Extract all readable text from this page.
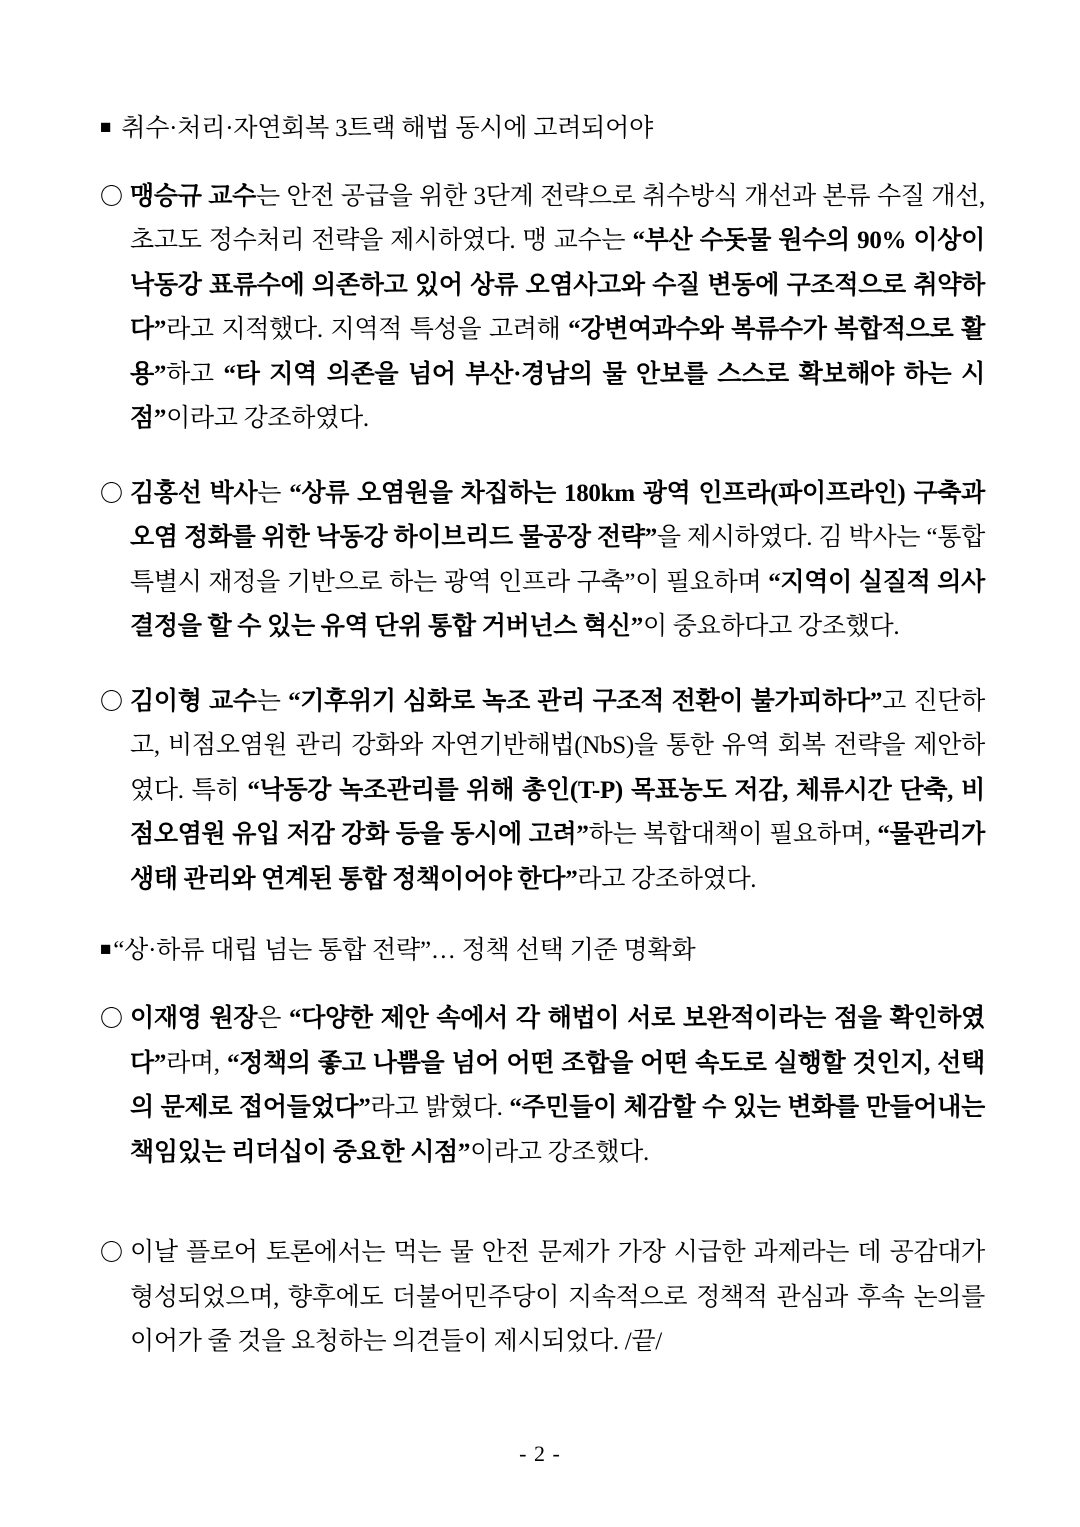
■ 취수·처리·자연회복 3트랙 해법 동시에 고려되어야
〇 맹승규 교수는 안전 공급을 위한 3단계 전략으로 취수방식 개선과 본류 수질 개선, 초고도 정수처리 전략을 제시하였다. 맹 교수는 “부산 수돗물 원수의 90% 이상이 낙동강 표류수에 의존하고 있어 상류 오염사고와 수질 변동에 구조적으로 취약하다”라고 지적했다. 지역적 특성을 고려해 “강변여과수와 복류수가 복합적으로 활용”하고 “타 지역 의존을 넘어 부산·경남의 물 안보를 스스로 확보해야 하는 시점”이라고 강조하였다.
〇 김홍선 박사는 “상류 오염원을 차집하는 180km 광역 인프라(파이프라인) 구축과 오염 정화를 위한 낙동강 하이브리드 물공장 전략”을 제시하였다. 김 박사는 “통합 특별시 재정을 기반으로 하는 광역 인프라 구축”이 필요하며 “지역이 실질적 의사결정을 할 수 있는 유역 단위 통합 거버넌스 혁신”이 중요하다고 강조했다.
〇 김이형 교수는 “기후위기 심화로 녹조 관리 구조적 전환이 불가피하다”고 진단하고, 비점오염원 관리 강화와 자연기반해법(NbS)을 통한 유역 회복 전략을 제안하였다. 특히 “낙동강 녹조관리를 위해 총인(T-P) 목표농도 저감, 체류시간 단축, 비점오염원 유입 저감 강화 등을 동시에 고려”하는 복합대책이 필요하며, “물관리가 생태 관리와 연계된 통합 정책이어야 한다”라고 강조하였다.
■ “상·하류 대립 넘는 통합 전략”… 정책 선택 기준 명확화
〇 이재영 원장은 “다양한 제안 속에서 각 해법이 서로 보완적이라는 점을 확인하였다”라며, “정책의 좋고 나쁨을 넘어 어떤 조합을 어떤 속도로 실행할 것인지, 선택의 문제로 접어들었다”라고 밝혔다. “주민들이 체감할 수 있는 변화를 만들어내는 책임있는 리더십이 중요한 시점”이라고 강조했다.
〇 이날 플로어 토론에서는 먹는 물 안전 문제가 가장 시급한 과제라는 데 공감대가 형성되었으며, 향후에도 더불어민주당이 지속적으로 정책적 관심과 후속 논의를 이어가 줄 것을 요청하는 의견들이 제시되었다. /끝/
- 2 -
